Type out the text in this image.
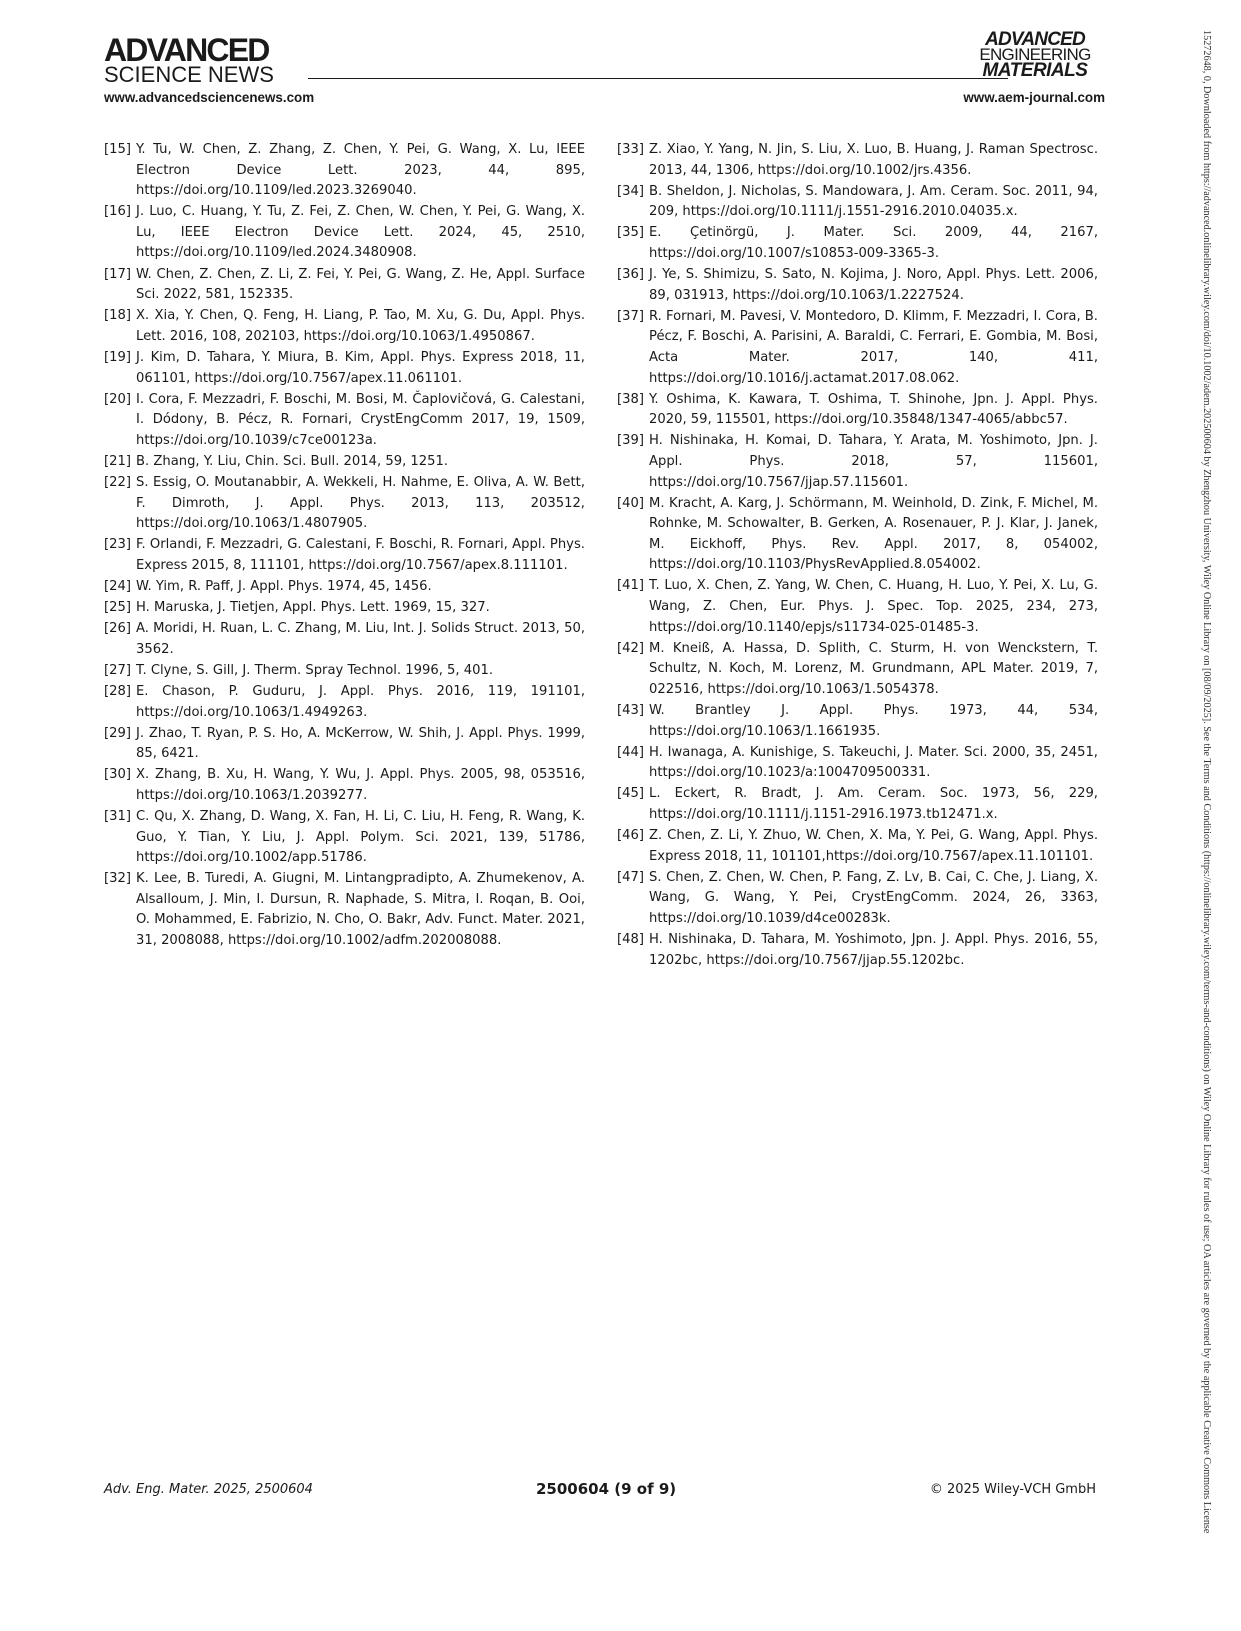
ADVANCED
SCIENCE NEWS
ADVANCED
ENGINEERING
MATERIALS
www.advancedsciencenews.com	www.aem-journal.com
[15] Y. Tu, W. Chen, Z. Zhang, Z. Chen, Y. Pei, G. Wang, X. Lu, IEEE Electron Device Lett. 2023, 44, 895, https://doi.org/10.1109/led.2023.3269040.
[16] J. Luo, C. Huang, Y. Tu, Z. Fei, Z. Chen, W. Chen, Y. Pei, G. Wang, X. Lu, IEEE Electron Device Lett. 2024, 45, 2510, https://doi.org/10.1109/led.2024.3480908.
[17] W. Chen, Z. Chen, Z. Li, Z. Fei, Y. Pei, G. Wang, Z. He, Appl. Surface Sci. 2022, 581, 152335.
[18] X. Xia, Y. Chen, Q. Feng, H. Liang, P. Tao, M. Xu, G. Du, Appl. Phys. Lett. 2016, 108, 202103, https://doi.org/10.1063/1.4950867.
[19] J. Kim, D. Tahara, Y. Miura, B. Kim, Appl. Phys. Express 2018, 11, 061101, https://doi.org/10.7567/apex.11.061101.
[20] I. Cora, F. Mezzadri, F. Boschi, M. Bosi, M. Čaplovičová, G. Calestani, I. Dódony, B. Pécz, R. Fornari, CrystEngComm 2017, 19, 1509, https://doi.org/10.1039/c7ce00123a.
[21] B. Zhang, Y. Liu, Chin. Sci. Bull. 2014, 59, 1251.
[22] S. Essig, O. Moutanabbir, A. Wekkeli, H. Nahme, E. Oliva, A. W. Bett, F. Dimroth, J. Appl. Phys. 2013, 113, 203512, https://doi.org/10.1063/1.4807905.
[23] F. Orlandi, F. Mezzadri, G. Calestani, F. Boschi, R. Fornari, Appl. Phys. Express 2015, 8, 111101, https://doi.org/10.7567/apex.8.111101.
[24] W. Yim, R. Paff, J. Appl. Phys. 1974, 45, 1456.
[25] H. Maruska, J. Tietjen, Appl. Phys. Lett. 1969, 15, 327.
[26] A. Moridi, H. Ruan, L. C. Zhang, M. Liu, Int. J. Solids Struct. 2013, 50, 3562.
[27] T. Clyne, S. Gill, J. Therm. Spray Technol. 1996, 5, 401.
[28] E. Chason, P. Guduru, J. Appl. Phys. 2016, 119, 191101, https://doi.org/10.1063/1.4949263.
[29] J. Zhao, T. Ryan, P. S. Ho, A. McKerrow, W. Shih, J. Appl. Phys. 1999, 85, 6421.
[30] X. Zhang, B. Xu, H. Wang, Y. Wu, J. Appl. Phys. 2005, 98, 053516, https://doi.org/10.1063/1.2039277.
[31] C. Qu, X. Zhang, D. Wang, X. Fan, H. Li, C. Liu, H. Feng, R. Wang, K. Guo, Y. Tian, Y. Liu, J. Appl. Polym. Sci. 2021, 139, 51786, https://doi.org/10.1002/app.51786.
[32] K. Lee, B. Turedi, A. Giugni, M. Lintangpradipto, A. Zhumekenov, A. Alsalloum, J. Min, I. Dursun, R. Naphade, S. Mitra, I. Roqan, B. Ooi, O. Mohammed, E. Fabrizio, N. Cho, O. Bakr, Adv. Funct. Mater. 2021, 31, 2008088, https://doi.org/10.1002/adfm.202008088.
[33] Z. Xiao, Y. Yang, N. Jin, S. Liu, X. Luo, B. Huang, J. Raman Spectrosc. 2013, 44, 1306, https://doi.org/10.1002/jrs.4356.
[34] B. Sheldon, J. Nicholas, S. Mandowara, J. Am. Ceram. Soc. 2011, 94, 209, https://doi.org/10.1111/j.1551-2916.2010.04035.x.
[35] E. Çetinörgü, J. Mater. Sci. 2009, 44, 2167, https://doi.org/10.1007/s10853-009-3365-3.
[36] J. Ye, S. Shimizu, S. Sato, N. Kojima, J. Noro, Appl. Phys. Lett. 2006, 89, 031913, https://doi.org/10.1063/1.2227524.
[37] R. Fornari, M. Pavesi, V. Montedoro, D. Klimm, F. Mezzadri, I. Cora, B. Pécz, F. Boschi, A. Parisini, A. Baraldi, C. Ferrari, E. Gombia, M. Bosi, Acta Mater. 2017, 140, 411, https://doi.org/10.1016/j.actamat.2017.08.062.
[38] Y. Oshima, K. Kawara, T. Oshima, T. Shinohe, Jpn. J. Appl. Phys. 2020, 59, 115501, https://doi.org/10.35848/1347-4065/abbc57.
[39] H. Nishinaka, H. Komai, D. Tahara, Y. Arata, M. Yoshimoto, Jpn. J. Appl. Phys. 2018, 57, 115601, https://doi.org/10.7567/jjap.57.115601.
[40] M. Kracht, A. Karg, J. Schörmann, M. Weinhold, D. Zink, F. Michel, M. Rohnke, M. Schowalter, B. Gerken, A. Rosenauer, P. J. Klar, J. Janek, M. Eickhoff, Phys. Rev. Appl. 2017, 8, 054002, https://doi.org/10.1103/PhysRevApplied.8.054002.
[41] T. Luo, X. Chen, Z. Yang, W. Chen, C. Huang, H. Luo, Y. Pei, X. Lu, G. Wang, Z. Chen, Eur. Phys. J. Spec. Top. 2025, 234, 273, https://doi.org/10.1140/epjs/s11734-025-01485-3.
[42] M. Kneiß, A. Hassa, D. Splith, C. Sturm, H. von Wenckstern, T. Schultz, N. Koch, M. Lorenz, M. Grundmann, APL Mater. 2019, 7, 022516, https://doi.org/10.1063/1.5054378.
[43] W. Brantley J. Appl. Phys. 1973, 44, 534, https://doi.org/10.1063/1.1661935.
[44] H. Iwanaga, A. Kunishige, S. Takeuchi, J. Mater. Sci. 2000, 35, 2451, https://doi.org/10.1023/a:1004709500331.
[45] L. Eckert, R. Bradt, J. Am. Ceram. Soc. 1973, 56, 229, https://doi.org/10.1111/j.1151-2916.1973.tb12471.x.
[46] Z. Chen, Z. Li, Y. Zhuo, W. Chen, X. Ma, Y. Pei, G. Wang, Appl. Phys. Express 2018, 11, 101101,https://doi.org/10.7567/apex.11.101101.
[47] S. Chen, Z. Chen, W. Chen, P. Fang, Z. Lv, B. Cai, C. Che, J. Liang, X. Wang, G. Wang, Y. Pei, CrystEngComm. 2024, 26, 3363, https://doi.org/10.1039/d4ce00283k.
[48] H. Nishinaka, D. Tahara, M. Yoshimoto, Jpn. J. Appl. Phys. 2016, 55, 1202bc, https://doi.org/10.7567/jjap.55.1202bc.	15272648, 0, Downloaded from https://advanced.onlinelibrary.wiley.com/doi/10.1002/adem.202500604 by Zhengzhou University, Wiley Online Library on [08/09/2025]. See the Terms and Conditions (https://onlinelibrary.wiley.com/terms-and-conditions) on Wiley Online Library for rules of use; OA articles are governed by the applicable Creative Commons License
Adv. Eng. Mater. 2025, 2500604	2500604 (9 of 9)	© 2025 Wiley-VCH GmbH
